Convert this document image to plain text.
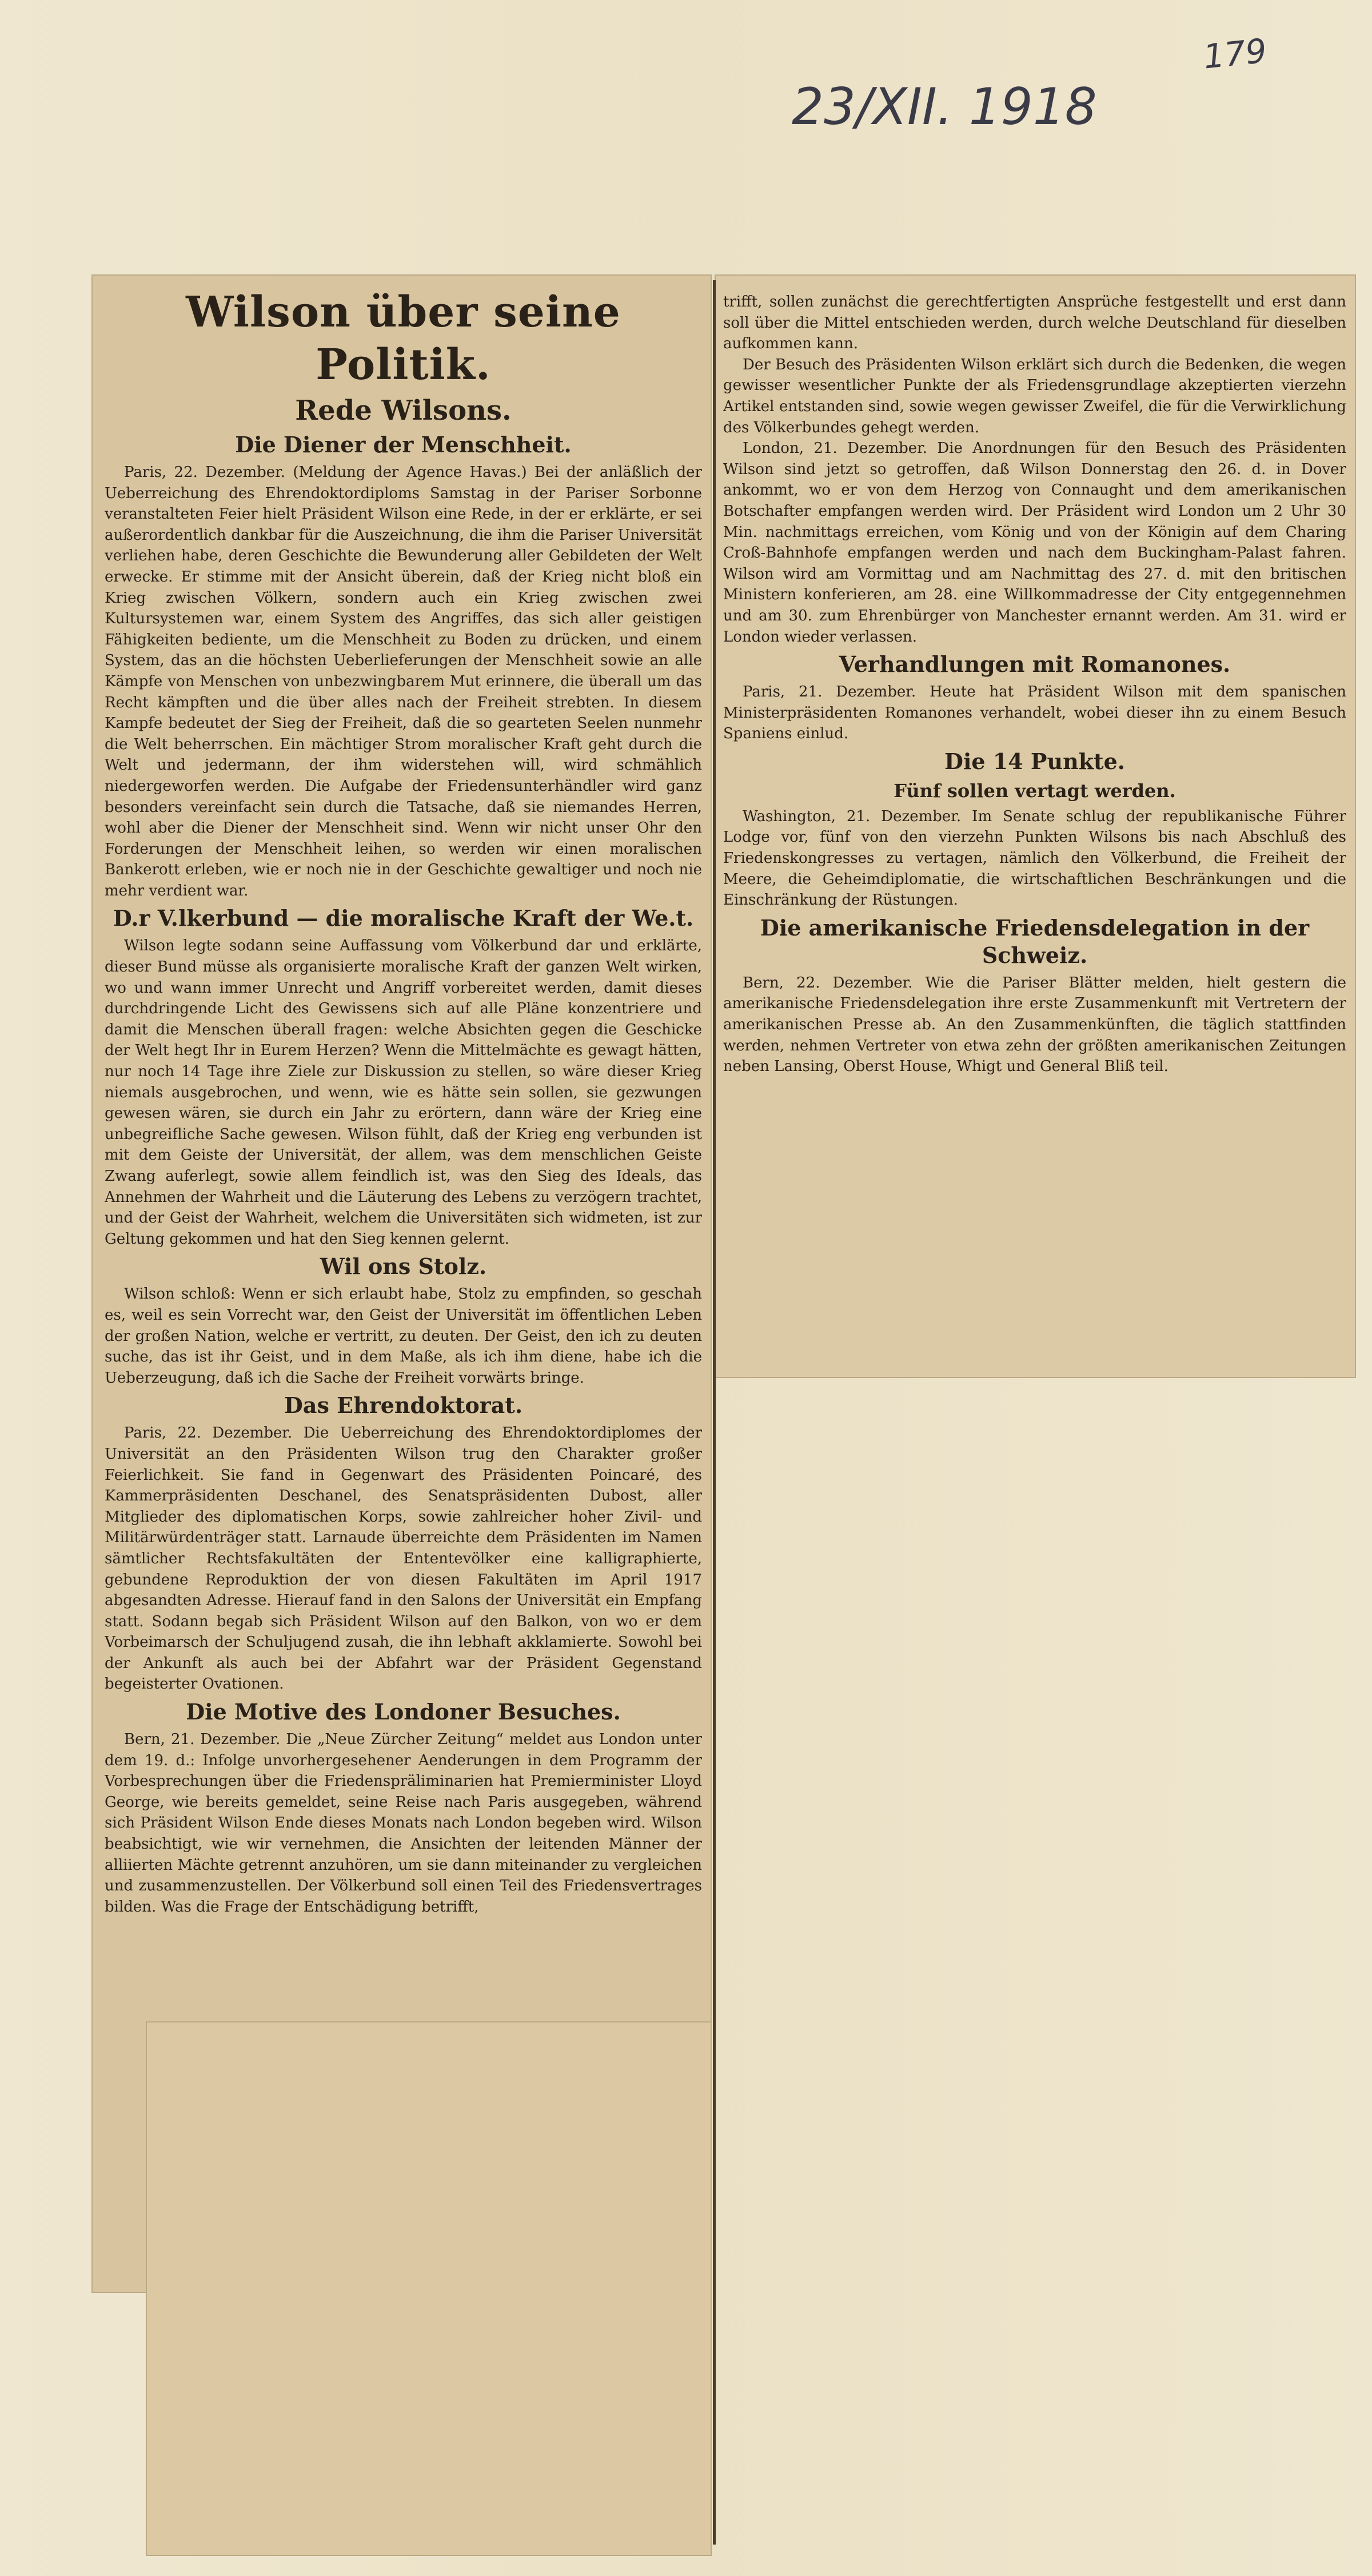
179
23/XII. 1918
Wilson über seine Politik.
Rede Wilsons.
Die Diener der Menschheit.

Paris, 22. Dezember. (Meldung der Agence Havas.) Bei der anläßlich der Ueberreichung des Ehrendoktordiploms Samstag in der Pariser Sorbonne veranstalteten Feier hielt Präsident Wilson eine Rede, in der er erklärte, er sei außerordentlich dankbar für die Auszeichnung, die ihm die Pariser Universität verliehen habe, deren Geschichte die Bewunderung aller Gebildeten der Welt erwecke. Er stimme mit der Ansicht überein, daß der Krieg nicht bloß ein Krieg zwischen Völkern, sondern auch ein Krieg zwischen zwei Kultursystemen war, einem System des Angriffes, das sich aller geistigen Fähigkeiten bediente, um die Menschheit zu Boden zu drücken, und einem System, das an die höchsten Ueberlieferungen der Menschheit sowie an alle Kämpfe von Menschen von unbezwingbarem Mut erinnere, die überall um das Recht kämpften und die über alles nach der Freiheit strebten. In diesem Kampfe bedeutet der Sieg der Freiheit, daß die so gearteten Seelen nunmehr die Welt beherrschen. Ein mächtiger Strom moralischer Kraft geht durch die Welt und jedermann, der ihm widerstehen will, wird schmählich niedergeworfen werden. Die Aufgabe der Friedensunterhändler wird ganz besonders vereinfacht sein durch die Tatsache, daß sie niemandes Herren, wohl aber die Diener der Menschheit sind. Wenn wir nicht unser Ohr den Forderungen der Menschheit leihen, so werden wir einen moralischen Bankerott erleben, wie er noch nie in der Geschichte gewaltiger und noch nie mehr verdient war.

D.r V.lkerbund — die moralische Kraft der We.t.

Wilson legte sodann seine Auffassung vom Völkerbund dar und erklärte, dieser Bund müsse als organisierte moralische Kraft der ganzen Welt wirken, wo und wann immer Unrecht und Angriff vorbereitet werden, damit dieses durchdringende Licht des Gewissens sich auf alle Pläne konzentriere und damit die Menschen überall fragen: welche Absichten gegen die Geschicke der Welt hegt Ihr in Eurem Herzen? Wenn die Mittelmächte es gewagt hätten, nur noch 14 Tage ihre Ziele zur Diskussion zu stellen, so wäre dieser Krieg niemals ausgebrochen, und wenn, wie es hätte sein sollen, sie gezwungen gewesen wären, sie durch ein Jahr zu erörtern, dann wäre der Krieg eine unbegreifliche Sache gewesen. Wilson fühlt, daß der Krieg eng verbunden ist mit dem Geiste der Universität, der allem, was dem menschlichen Geiste Zwang auferlegt, sowie allem feindlich ist, was den Sieg des Ideals, das Annehmen der Wahrheit und die Läuterung des Lebens zu verzögern trachtet, und der Geist der Wahrheit, welchem die Universitäten sich widmeten, ist zur Geltung gekommen und hat den Sieg kennen gelernt.

Wil ons Stolz.

Wilson schloß: Wenn er sich erlaubt habe, Stolz zu empfinden, so geschah es, weil es sein Vorrecht war, den Geist der Universität im öffentlichen Leben der großen Nation, welche er vertritt, zu deuten. Der Geist, den ich zu deuten suche, das ist ihr Geist, und in dem Maße, als ich ihm diene, habe ich die Ueberzeugung, daß ich die Sache der Freiheit vorwärts bringe.

Das Ehrendoktorat.

Paris, 22. Dezember. Die Ueberreichung des Ehrendoktordiplomes der Universität an den Präsidenten Wilson trug den Charakter großer Feierlichkeit. Sie fand in Gegenwart des Präsidenten Poincaré, des Kammerpräsidenten Deschanel, des Senatspräsidenten Dubost, aller Mitglieder des diplomatischen Korps, sowie zahlreicher hoher Zivil- und Militärwürdenträger statt. Larnaude überreichte dem Präsidenten im Namen sämtlicher Rechtsfakultäten der Ententevölker eine kalligraphierte, gebundene Reproduktion der von diesen Fakultäten im April 1917 abgesandten Adresse. Hierauf fand in den Salons der Universität ein Empfang statt. Sodann begab sich Präsident Wilson auf den Balkon, von wo er dem Vorbeimarsch der Schuljugend zusah, die ihn lebhaft akklamierte. Sowohl bei der Ankunft als auch bei der Abfahrt war der Präsident Gegenstand begeisterter Ovationen.

Die Motive des Londoner Besuches.

Bern, 21. Dezember. Die „Neue Zürcher Zeitung“ meldet aus London unter dem 19. d.: Infolge unvorhergesehener Aenderungen in dem Programm der Vorbesprechungen über die Friedenspräliminarien hat Premierminister Lloyd George, wie bereits gemeldet, seine Reise nach Paris ausgegeben, während sich Präsident Wilson Ende dieses Monats nach London begeben wird. Wilson beabsichtigt, wie wir vernehmen, die Ansichten der leitenden Männer der alliierten Mächte getrennt anzuhören, um sie dann miteinander zu vergleichen und zusammenzustellen. Der Völkerbund soll einen Teil des Friedensvertrages bilden. Was die Frage der Entschädigung betrifft,

trifft, sollen zunächst die gerechtfertigten Ansprüche festgestellt und erst dann soll über die Mittel entschieden werden, durch welche Deutschland für dieselben aufkommen kann.

Der Besuch des Präsidenten Wilson erklärt sich durch die Bedenken, die wegen gewisser wesentlicher Punkte der als Friedensgrundlage akzeptierten vierzehn Artikel entstanden sind, sowie wegen gewisser Zweifel, die für die Verwirklichung des Völkerbundes gehegt werden.

London, 21. Dezember. Die Anordnungen für den Besuch des Präsidenten Wilson sind jetzt so getroffen, daß Wilson Donnerstag den 26. d. in Dover ankommt, wo er von dem Herzog von Connaught und dem amerikanischen Botschafter empfangen werden wird. Der Präsident wird London um 2 Uhr 30 Min. nachmittags erreichen, vom König und von der Königin auf dem Charing Croß-Bahnhofe empfangen werden und nach dem Buckingham-Palast fahren. Wilson wird am Vormittag und am Nachmittag des 27. d. mit den britischen Ministern konferieren, am 28. eine Willkommadresse der City entgegennehmen und am 30. zum Ehrenbürger von Manchester ernannt werden. Am 31. wird er London wieder verlassen.

Verhandlungen mit Romanones.

Paris, 21. Dezember. Heute hat Präsident Wilson mit dem spanischen Ministerpräsidenten Romanones verhandelt, wobei dieser ihn zu einem Besuch Spaniens einlud.

Die 14 Punkte.
Fünf sollen vertagt werden.

Washington, 21. Dezember. Im Senate schlug der republikanische Führer Lodge vor, fünf von den vierzehn Punkten Wilsons bis nach Abschluß des Friedenskongresses zu vertagen, nämlich den Völkerbund, die Freiheit der Meere, die Geheimdiplomatie, die wirtschaftlichen Beschränkungen und die Einschränkung der Rüstungen.

Die amerikanische Friedensdelegation in der Schweiz.

Bern, 22. Dezember. Wie die Pariser Blätter melden, hielt gestern die amerikanische Friedensdelegation ihre erste Zusammenkunft mit Vertretern der amerikanischen Presse ab. An den Zusammenkünften, die täglich stattfinden werden, nehmen Vertreter von etwa zehn der größten amerikanischen Zeitungen neben Lansing, Oberst House, Whigt und General Bliß teil.
